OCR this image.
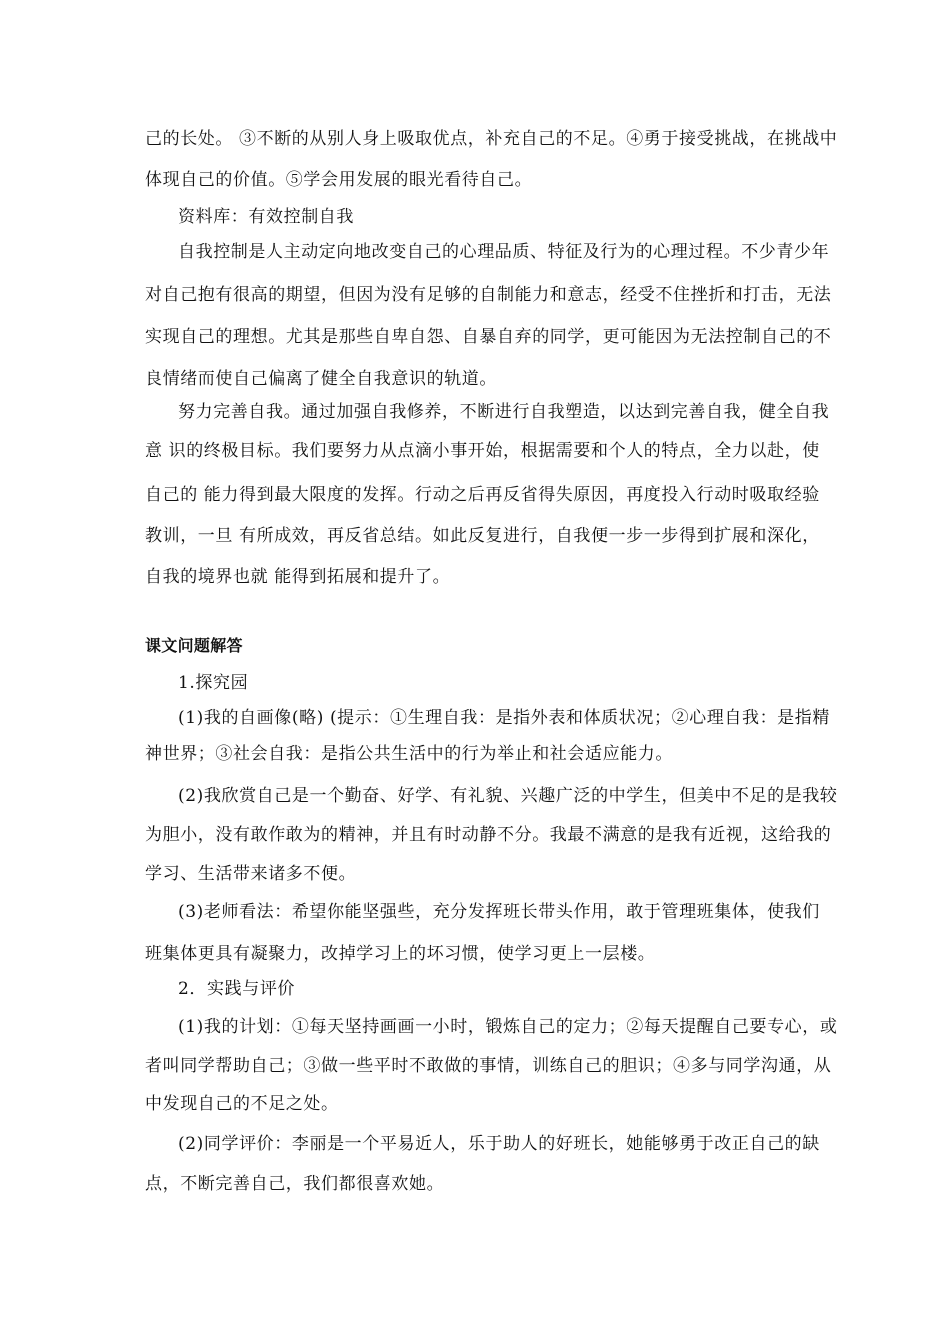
己的长处。 ③不断的从别人身上吸取优点，补充自己的不足。④勇于接受挑战，在挑战中
体现自己的价值。⑤学会用发展的眼光看待自己。
资料库：有效控制自我
自我控制是人主动定向地改变自己的心理品质、特征及行为的心理过程。不少青少年
对自己抱有很高的期望，但因为没有足够的自制能力和意志，经受不住挫折和打击，无法
实现自己的理想。尤其是那些自卑自怨、自暴自弃的同学，更可能因为无法控制自己的不
良情绪而使自己偏离了健全自我意识的轨道。
努力完善自我。通过加强自我修养，不断进行自我塑造，以达到完善自我，健全自我
意 识的终极目标。我们要努力从点滴小事开始，根据需要和个人的特点，全力以赴，使
自己的 能力得到最大限度的发挥。行动之后再反省得失原因，再度投入行动时吸取经验
教训，一旦 有所成效，再反省总结。如此反复进行，自我便一步一步得到扩展和深化，
自我的境界也就 能得到拓展和提升了。
课文问题解答
1.探究园
(1)我的自画像(略) (提示：①生理自我：是指外表和体质状况；②心理自我：是指精
神世界；③社会自我：是指公共生活中的行为举止和社会适应能力。
(2)我欣赏自己是一个勤奋、好学、有礼貌、兴趣广泛的中学生，但美中不足的是我较
为胆小，没有敢作敢为的精神，并且有时动静不分。我最不满意的是我有近视，这给我的
学习、生活带来诸多不便。
(3)老师看法：希望你能坚强些，充分发挥班长带头作用，敢于管理班集体，使我们
班集体更具有凝聚力，改掉学习上的坏习惯，使学习更上一层楼。
2．实践与评价
(1)我的计划：①每天坚持画画一小时，锻炼自己的定力；②每天提醒自己要专心，或
者叫同学帮助自己；③做一些平时不敢做的事情，训练自己的胆识；④多与同学沟通，从
中发现自己的不足之处。
(2)同学评价：李丽是一个平易近人，乐于助人的好班长，她能够勇于改正自己的缺
点，不断完善自己，我们都很喜欢她。
